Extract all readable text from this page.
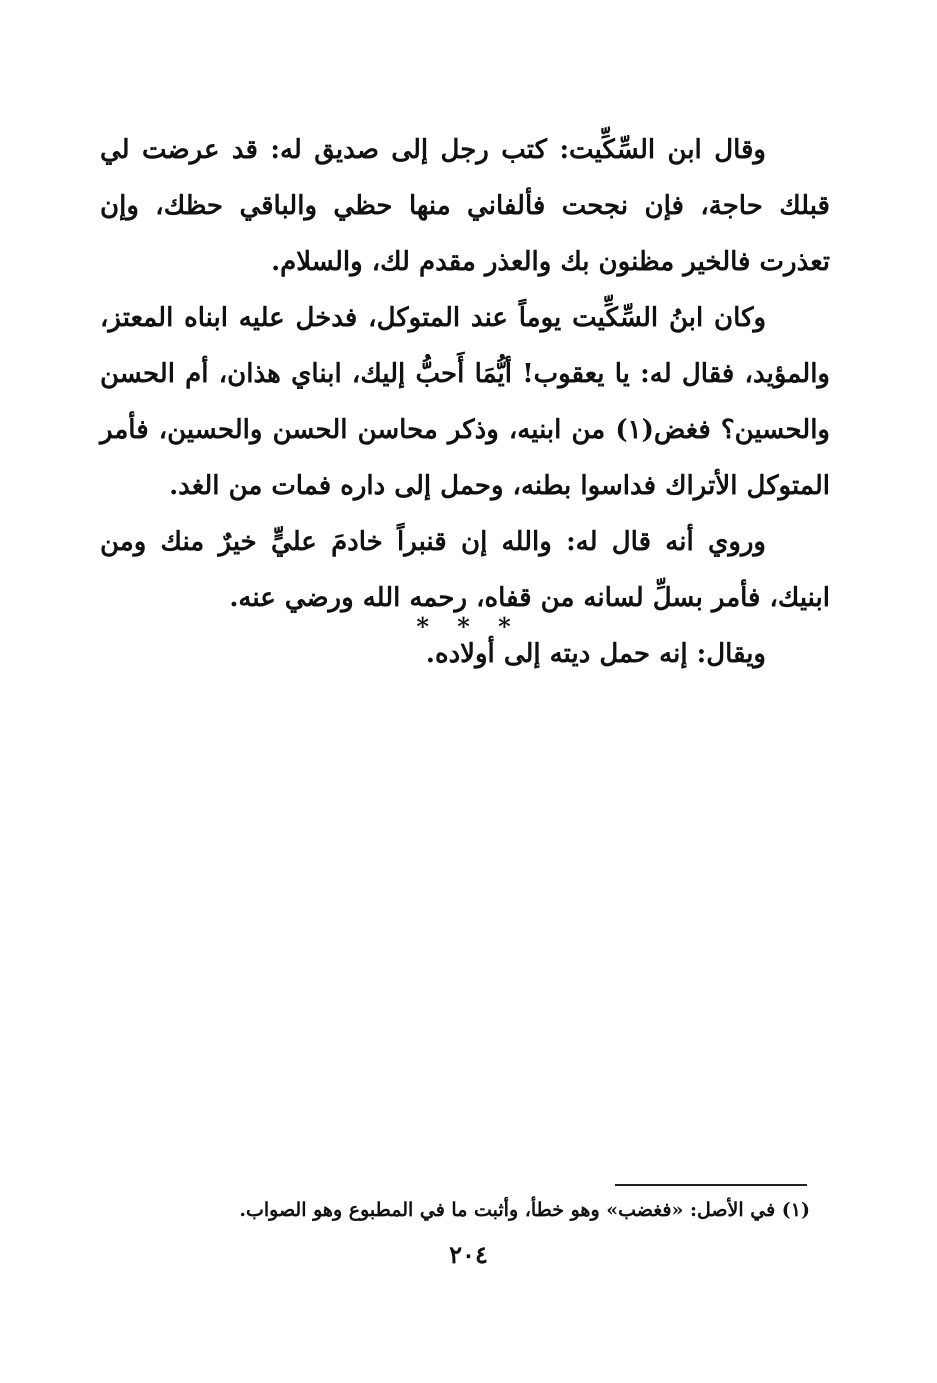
وقال ابن السِّكِّيت: كتب رجل إلى صديق له: قد عرضت لي قبلك حاجة، فإن نجحت فألفاني منها حظي والباقي حظك، وإن تعذرت فالخير مظنون بك والعذر مقدم لك، والسلام.

وكان ابنُ السِّكِّيت يوماً عند المتوكل، فدخل عليه ابناه المعتز، والمؤيد، فقال له: يا يعقوب! أيُّمَا أَحبُّ إليك، ابناي هذان، أم الحسن والحسين؟ فغض(١) من ابنيه، وذكر محاسن الحسن والحسين، فأمر المتوكل الأتراك فداسوا بطنه، وحمل إلى داره فمات من الغد.

وروي أنه قال له: والله إن قنبراً خادمَ عليٍّ خيرٌ منك ومن ابنيك، فأمر بسلِّ لسانه من قفاه، رحمه الله ورضي عنه.

ويقال: إنه حمل ديته إلى أولاده.

* * *
(١) في الأصل: «فغضب» وهو خطأ، وأثبت ما في المطبوع وهو الصواب.
٢٠٤
